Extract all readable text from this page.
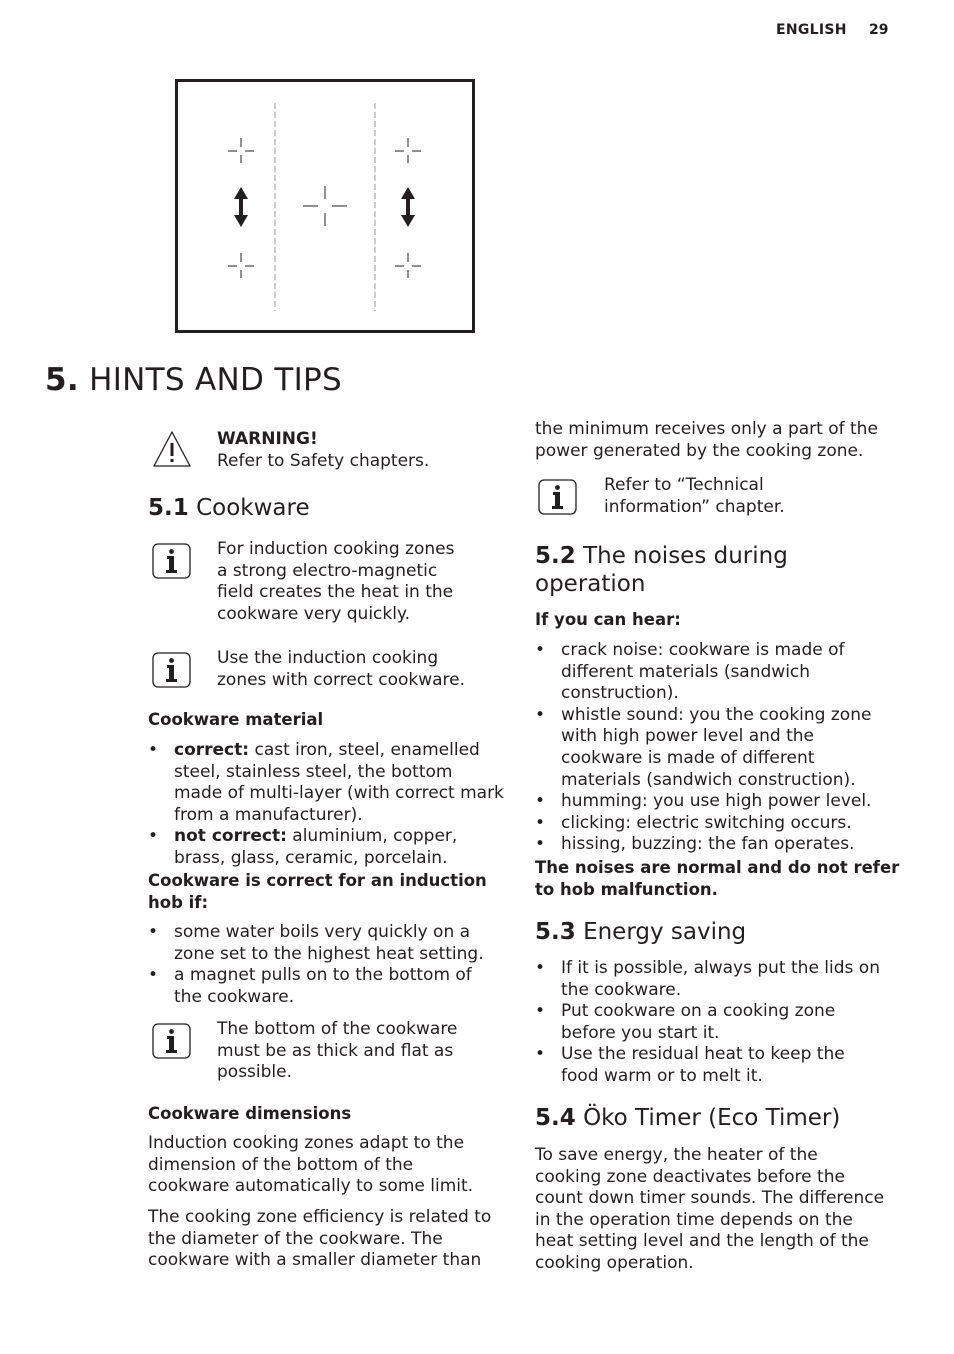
ENGLISH 29
5. HINTS AND TIPS
WARNING!
Refer to Safety chapters.
5.1 Cookware
For induction cooking zones
a strong electro-magnetic
field creates the heat in the
cookware very quickly.
Use the induction cooking
zones with correct cookware.
Cookware material
• correct: cast iron, steel, enamelled
steel, stainless steel, the bottom
made of multi-layer (with correct mark
from a manufacturer).
• not correct: aluminium, copper,
brass, glass, ceramic, porcelain.
Cookware is correct for an induction
hob if:
• some water boils very quickly on a
zone set to the highest heat setting.
• a magnet pulls on to the bottom of
the cookware.
The bottom of the cookware
must be as thick and flat as
possible.
Cookware dimensions
Induction cooking zones adapt to the
dimension of the bottom of the
cookware automatically to some limit.
The cooking zone efficiency is related to
the diameter of the cookware. The
cookware with a smaller diameter than
the minimum receives only a part of the
power generated by the cooking zone.
Refer to “Technical
information” chapter.
5.2 The noises during
operation
If you can hear:
• crack noise: cookware is made of
different materials (sandwich
construction).
• whistle sound: you the cooking zone
with high power level and the
cookware is made of different
materials (sandwich construction).
• humming: you use high power level.
• clicking: electric switching occurs.
• hissing, buzzing: the fan operates.
The noises are normal and do not refer
to hob malfunction.
5.3 Energy saving
• If it is possible, always put the lids on
the cookware.
• Put cookware on a cooking zone
before you start it.
• Use the residual heat to keep the
food warm or to melt it.
5.4 Öko Timer (Eco Timer)
To save energy, the heater of the
cooking zone deactivates before the
count down timer sounds. The difference
in the operation time depends on the
heat setting level and the length of the
cooking operation.
